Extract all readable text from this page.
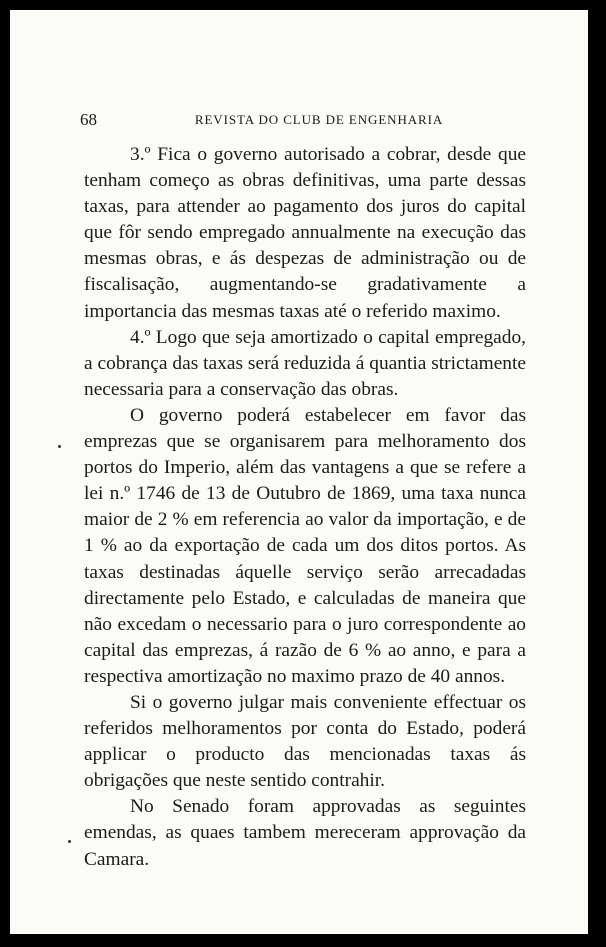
68	REVISTA DO CLUB DE ENGENHARIA

3.º Fica o governo autorisado a cobrar, desde que tenham começo as obras definitivas, uma parte dessas taxas, para attender ao pagamento dos juros do capital que fôr sendo empregado annualmente na execução das mesmas obras, e ás despezas de administração ou de fiscalisação, augmentando-se gradativamente a importancia das mesmas taxas até o referido maximo.

4.º Logo que seja amortizado o capital empregado, a cobrança das taxas será reduzida á quantia strictamente necessaria para a conservação das obras.

O governo poderá estabelecer em favor das emprezas que se organisarem para melhoramento dos portos do Imperio, além das vantagens a que se refere a lei n.º 1746 de 13 de Outubro de 1869, uma taxa nunca maior de 2 % em referencia ao valor da importação, e de 1 % ao da exportação de cada um dos ditos portos. As taxas destinadas áquelle serviço serão arrecadadas directamente pelo Estado, e calculadas de maneira que não excedam o necessario para o juro correspondente ao capital das emprezas, á razão de 6 % ao anno, e para a respectiva amortização no maximo prazo de 40 annos.

Si o governo julgar mais conveniente effectuar os referidos melhoramentos por conta do Estado, poderá applicar o producto das mencionadas taxas ás obrigações que neste sentido contrahir.

No Senado foram approvadas as seguintes emendas, as quaes tambem mereceram approvação da Camara.
